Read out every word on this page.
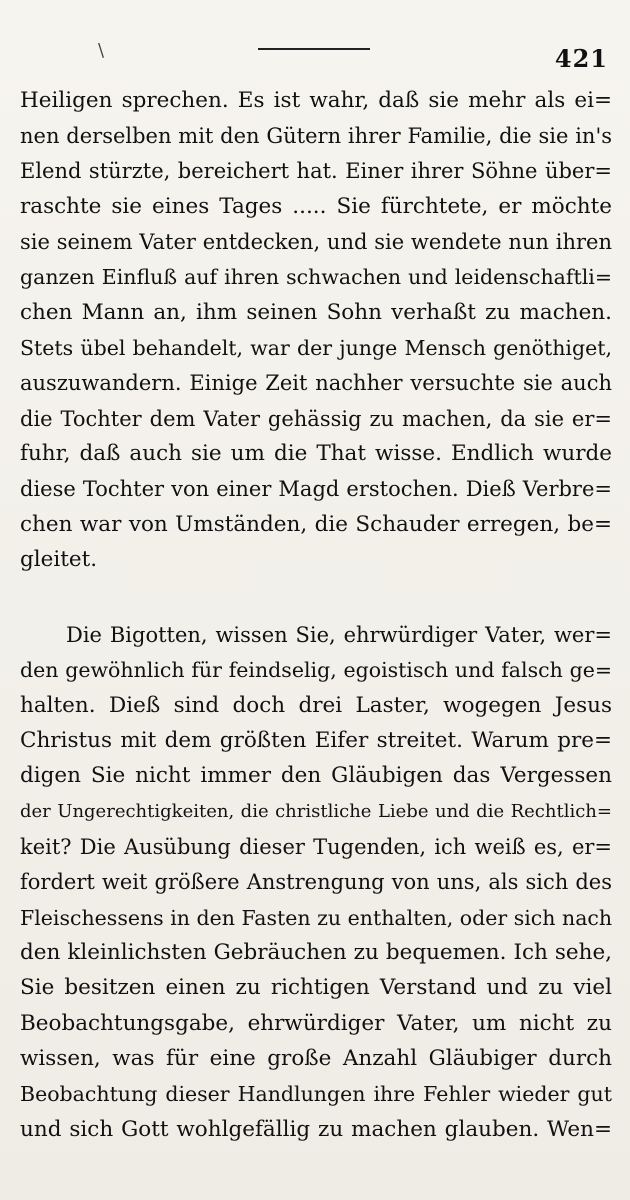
\	421
Heiligen sprechen. Es ist wahr, daß sie mehr als ei=
nen derselben mit den Gütern ihrer Familie, die sie in's
Elend stürzte, bereichert hat. Einer ihrer Söhne über=
raschte sie eines Tages ..... Sie fürchtete, er möchte
sie seinem Vater entdecken, und sie wendete nun ihren
ganzen Einfluß auf ihren schwachen und leidenschaftli=
chen Mann an, ihm seinen Sohn verhaßt zu machen.
Stets übel behandelt, war der junge Mensch genöthiget,
auszuwandern. Einige Zeit nachher versuchte sie auch
die Tochter dem Vater gehässig zu machen, da sie er=
fuhr, daß auch sie um die That wisse. Endlich wurde
diese Tochter von einer Magd erstochen. Dieß Verbre=
chen war von Umständen, die Schauder erregen, be=
gleitet.
Die Bigotten, wissen Sie, ehrwürdiger Vater, wer=
den gewöhnlich für feindselig, egoistisch und falsch ge=
halten. Dieß sind doch drei Laster, wogegen Jesus
Christus mit dem größten Eifer streitet. Warum pre=
digen Sie nicht immer den Gläubigen das Vergessen
der Ungerechtigkeiten, die christliche Liebe und die Rechtlich=
keit? Die Ausübung dieser Tugenden, ich weiß es, er=
fordert weit größere Anstrengung von uns, als sich des
Fleischessens in den Fasten zu enthalten, oder sich nach
den kleinlichsten Gebräuchen zu bequemen. Ich sehe,
Sie besitzen einen zu richtigen Verstand und zu viel
Beobachtungsgabe, ehrwürdiger Vater, um nicht zu
wissen, was für eine große Anzahl Gläubiger durch
Beobachtung dieser Handlungen ihre Fehler wieder gut
und sich Gott wohlgefällig zu machen glauben. Wen=
